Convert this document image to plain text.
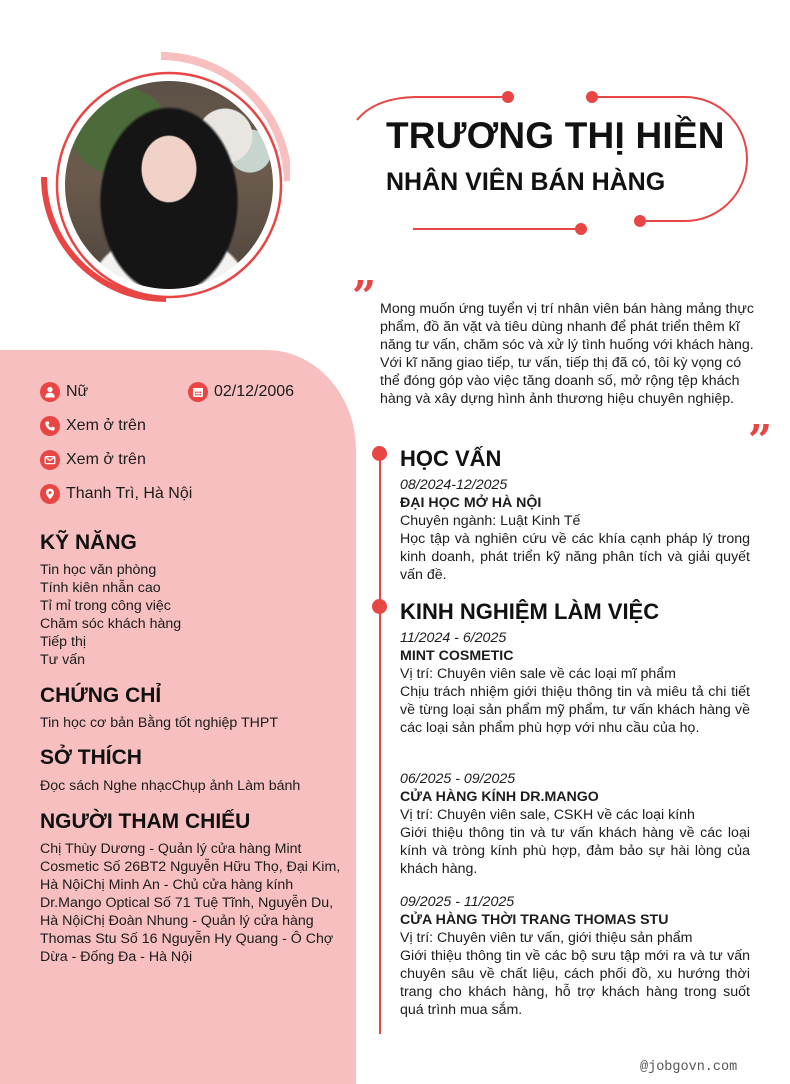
TRƯƠNG THỊ HIỀN
NHÂN VIÊN BÁN HÀNG
” Mong muốn ứng tuyển vị trí nhân viên bán hàng mảng thực phẩm, đồ ăn vặt và tiêu dùng nhanh để phát triển thêm kĩ năng tư vấn, chăm sóc và xử lý tình huống với khách hàng. Với kĩ năng giao tiếp, tư vấn, tiếp thị đã có, tôi kỳ vọng có thể đóng góp vào việc tăng doanh số, mở rộng tệp khách hàng và xây dựng hình ảnh thương hiệu chuyên nghiệp.
”
Nữ	02/12/2006
Xem ở trên
Xem ở trên
Thanh Trì, Hà Nội
KỸ NĂNG
Tin học văn phòng
Tính kiên nhẫn cao
Tỉ mỉ trong công việc
Chăm sóc khách hàng
Tiếp thị
Tư vấn
CHỨNG CHỈ
Tin học cơ bản Bằng tốt nghiệp THPT
SỞ THÍCH
Đọc sách Nghe nhạcChụp ảnh Làm bánh
NGƯỜI THAM CHIẾU
Chị Thùy Dương - Quản lý cửa hàng Mint Cosmetic Số 26BT2 Nguyễn Hữu Thọ, Đại Kim, Hà NộiChị Minh An - Chủ cửa hàng kính Dr.Mango Optical Số 71 Tuệ Tĩnh, Nguyễn Du, Hà NộiChị Đoàn Nhung - Quản lý cửa hàng Thomas Stu Số 16 Nguyễn Hy Quang - Ô Chợ Dừa - Đống Đa - Hà Nội
HỌC VẤN
08/2024-12/2025
ĐẠI HỌC MỞ HÀ NỘI
Chuyên ngành: Luật Kinh Tế
Học tập và nghiên cứu về các khía cạnh pháp lý trong kinh doanh, phát triển kỹ năng phân tích và giải quyết vấn đề.
KINH NGHIỆM LÀM VIỆC
11/2024 - 6/2025
MINT COSMETIC
Vị trí: Chuyên viên sale về các loại mĩ phẩm
Chịu trách nhiệm giới thiệu thông tin và miêu tả chi tiết về từng loại sản phẩm mỹ phẩm, tư vấn khách hàng về các loại sản phẩm phù hợp với nhu cầu của họ.
06/2025 - 09/2025
CỬA HÀNG KÍNH DR.MANGO
Vị trí: Chuyên viên sale, CSKH về các loại kính
Giới thiệu thông tin và tư vấn khách hàng về các loại kính và tròng kính phù hợp, đảm bảo sự hài lòng của khách hàng.
09/2025 - 11/2025
CỬA HÀNG THỜI TRANG THOMAS STU
Vị trí: Chuyên viên tư vấn, giới thiệu sản phẩm
Giới thiệu thông tin về các bộ sưu tập mới ra và tư vấn chuyên sâu về chất liệu, cách phối đồ, xu hướng thời trang cho khách hàng, hỗ trợ khách hàng trong suốt quá trình mua sắm.
@jobgovn.com
